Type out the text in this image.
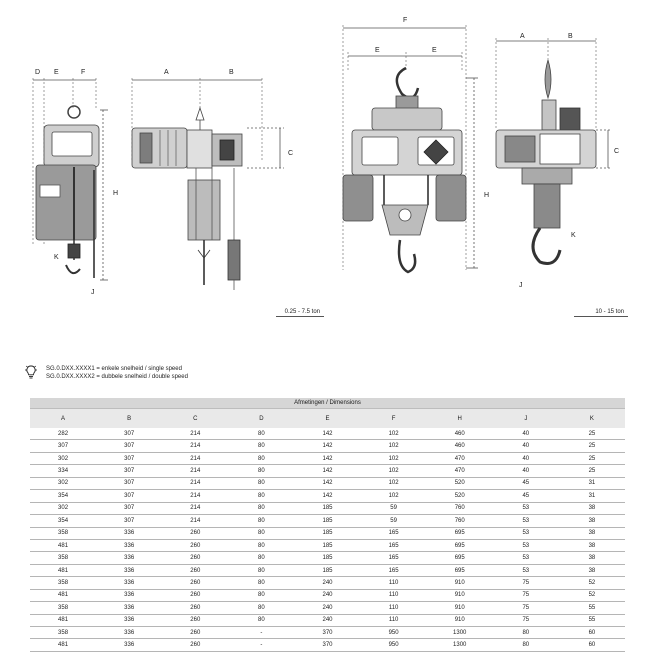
D E	F
H
K
J
A	B
C
F
E	E
H
A	B
C
K
J
0.25 - 7.5 ton	10 - 15 ton
SG.0.DXX.XXXX1 = enkele snelheid / single speed
SG.0.DXX.XXXX2 = dubbele snelheid / double speed
Afmetingen / Dimensions								
A	B	C	D	E	F	H	J	K
282	307	214	80	142	102	460	40	25
307	307	214	80	142	102	460	40	25
302	307	214	80	142	102	470	40	25
334	307	214	80	142	102	470	40	25
302	307	214	80	142	102	520	45	31
354	307	214	80	142	102	520	45	31
302	307	214	80	185	59	760	53	38
354	307	214	80	185	59	760	53	38
358	336	260	80	185	165	695	53	38
481	336	260	80	185	165	695	53	38
358	336	260	80	185	165	695	53	38
481	336	260	80	185	165	695	53	38
358	336	260	80	240	110	910	75	52
481	336	260	80	240	110	910	75	52
358	336	260	80	240	110	910	75	55
481	336	260	80	240	110	910	75	55
358	336	260	-	370	950	1300	80	60
481	336	260	-	370	950	1300	80	60
